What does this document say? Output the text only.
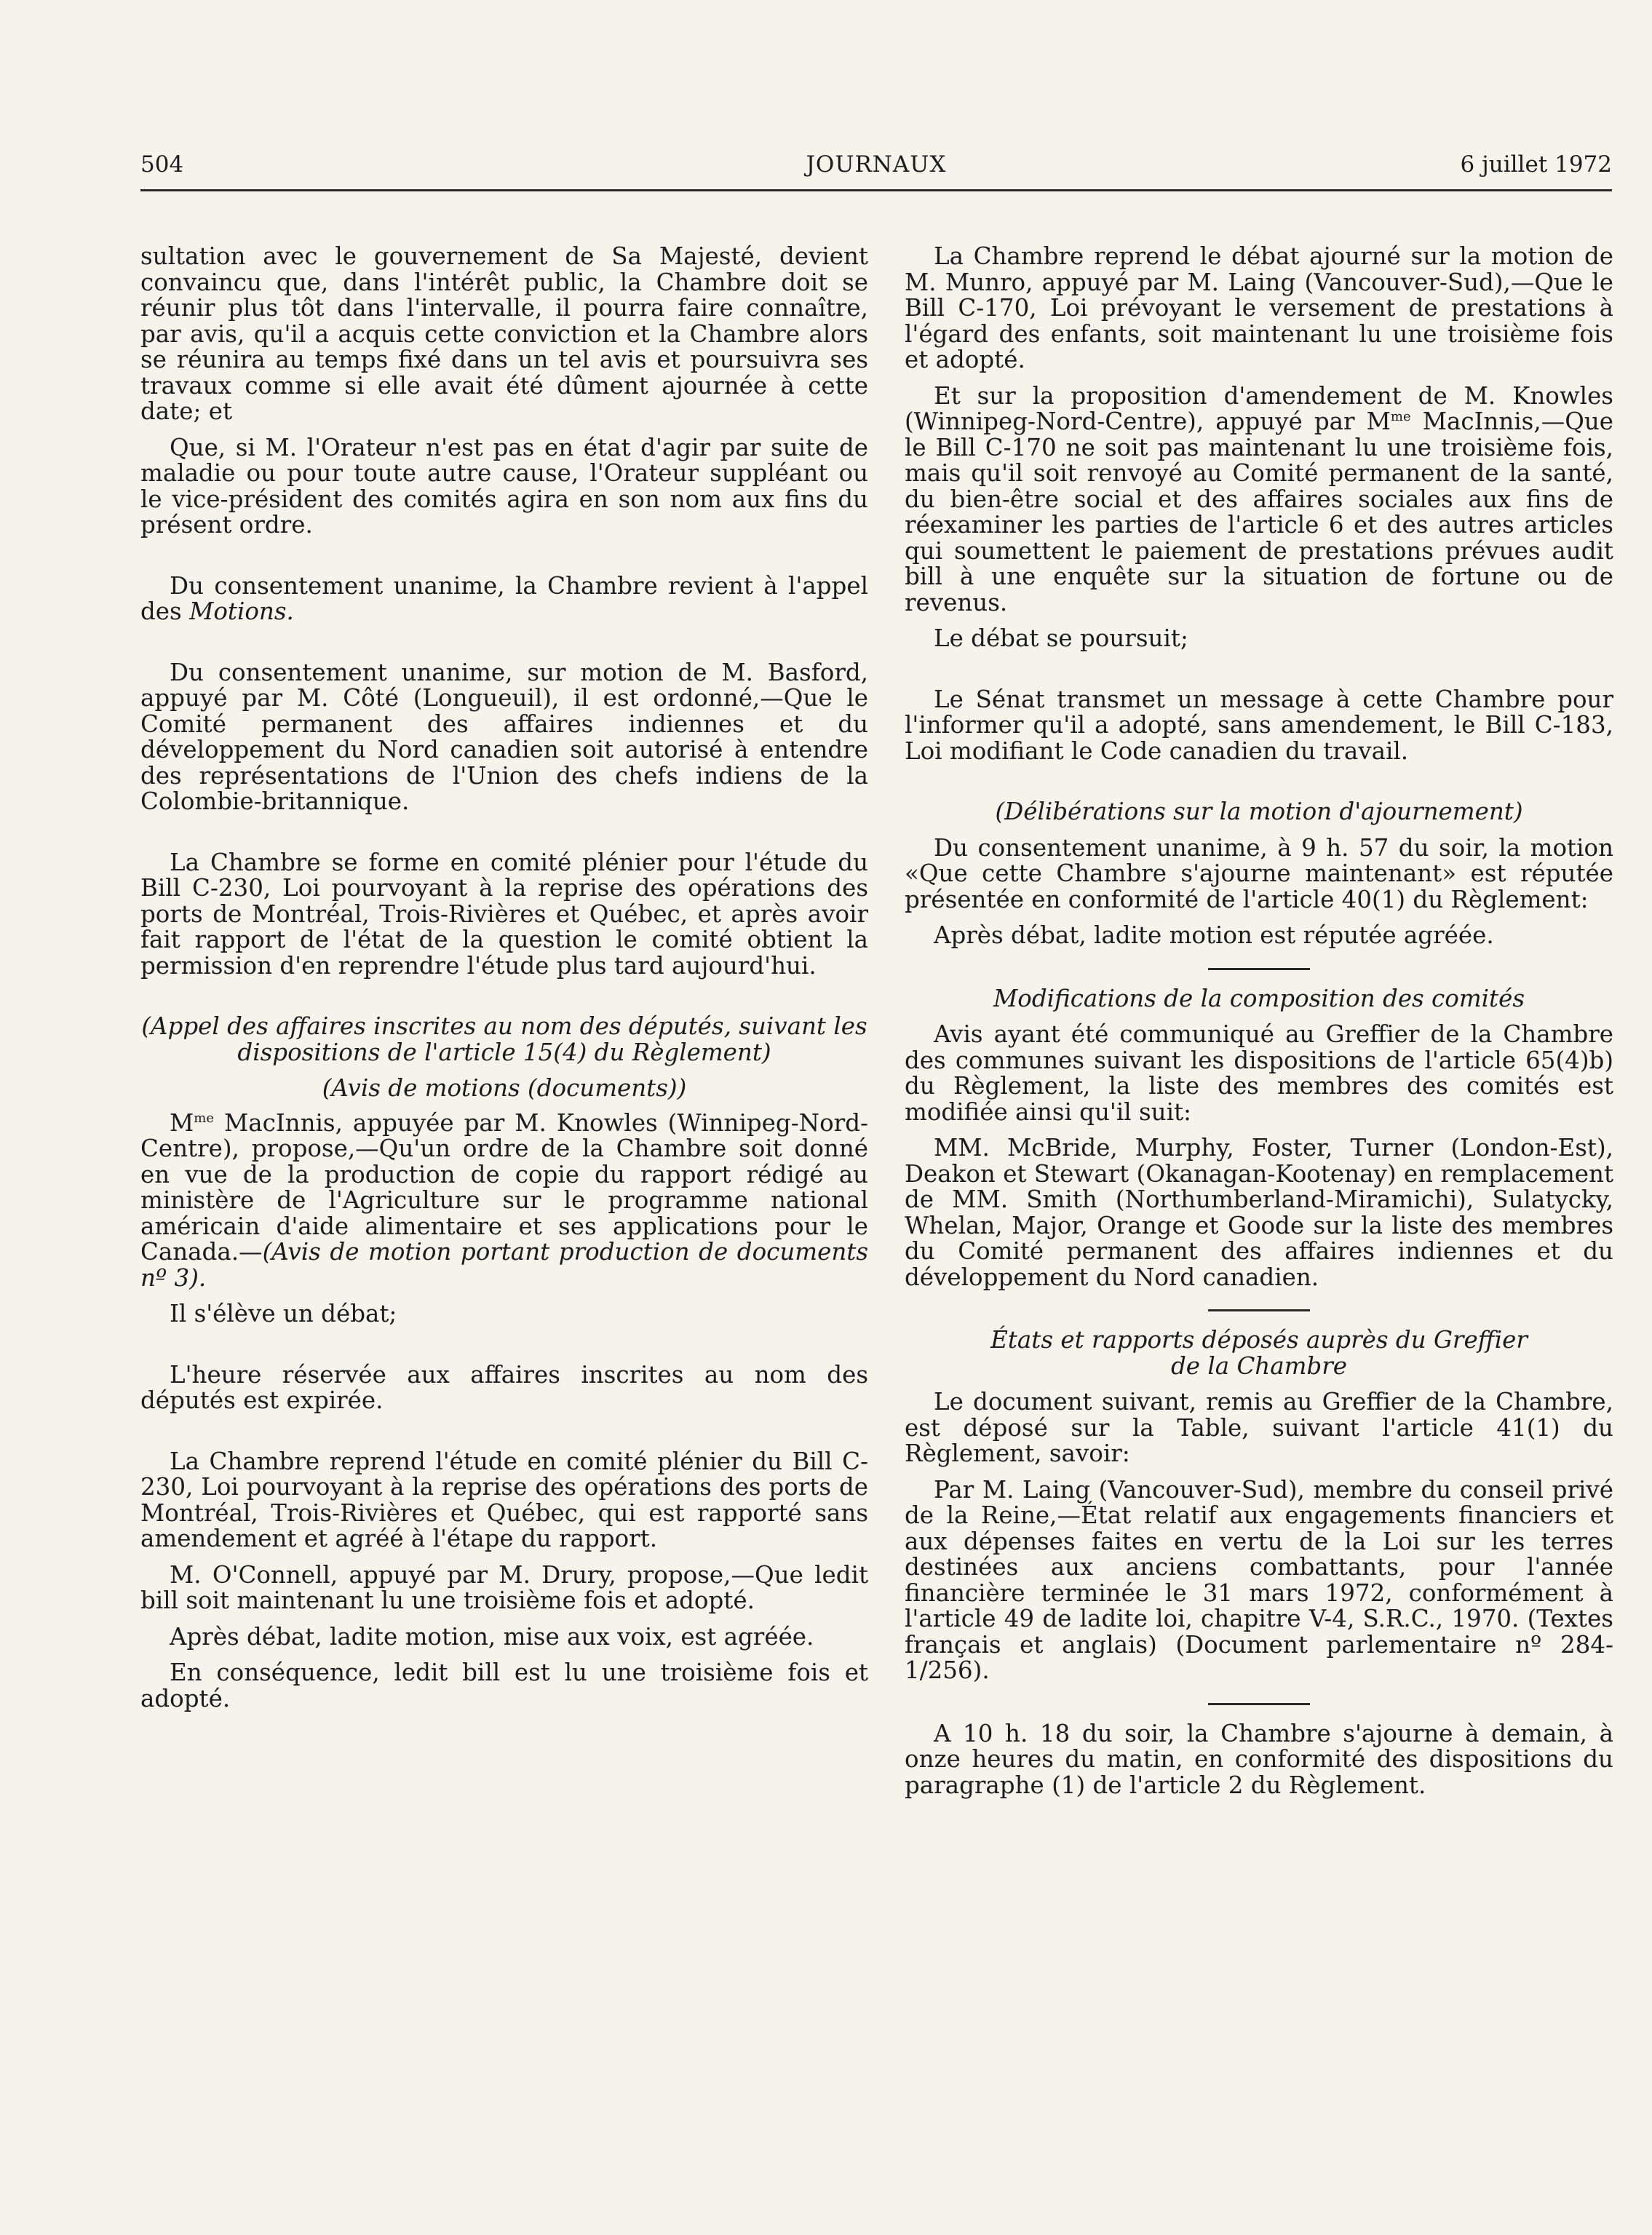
504	JOURNAUX	6 juillet 1972

sultation avec le gouvernement de Sa Majesté, devient convaincu que, dans l'intérêt public, la Chambre doit se réunir plus tôt dans l'intervalle, il pourra faire connaître, par avis, qu'il a acquis cette conviction et la Chambre alors se réunira au temps fixé dans un tel avis et poursuivra ses travaux comme si elle avait été dûment ajournée à cette date; et

Que, si M. l'Orateur n'est pas en état d'agir par suite de maladie ou pour toute autre cause, l'Orateur suppléant ou le vice-président des comités agira en son nom aux fins du présent ordre.

Du consentement unanime, la Chambre revient à l'appel des Motions.

Du consentement unanime, sur motion de M. Basford, appuyé par M. Côté (Longueuil), il est ordonné,—Que le Comité permanent des affaires indiennes et du développement du Nord canadien soit autorisé à entendre des représentations de l'Union des chefs indiens de la Colombie-britannique.

La Chambre se forme en comité plénier pour l'étude du Bill C-230, Loi pourvoyant à la reprise des opérations des ports de Montréal, Trois-Rivières et Québec, et après avoir fait rapport de l'état de la question le comité obtient la permission d'en reprendre l'étude plus tard aujourd'hui.

(Appel des affaires inscrites au nom des députés, suivant les dispositions de l'article 15(4) du Règlement)

(Avis de motions (documents))

$M^{me}$ MacInnis, appuyée par M. Knowles (Winnipeg-Nord-Centre), propose,—Qu'un ordre de la Chambre soit donné en vue de la production de copie du rapport rédigé au ministère de l'Agriculture sur le programme national américain d'aide alimentaire et ses applications pour le Canada.—(Avis de motion portant production de documents nº 3).

Il s'élève un débat;

L'heure réservée aux affaires inscrites au nom des députés est expirée.

La Chambre reprend l'étude en comité plénier du Bill C-230, Loi pourvoyant à la reprise des opérations des ports de Montréal, Trois-Rivières et Québec, qui est rapporté sans amendement et agréé à l'étape du rapport.

M. O'Connell, appuyé par M. Drury, propose,—Que ledit bill soit maintenant lu une troisième fois et adopté.

Après débat, ladite motion, mise aux voix, est agréée.

En conséquence, ledit bill est lu une troisième fois et adopté.

La Chambre reprend le débat ajourné sur la motion de M. Munro, appuyé par M. Laing (Vancouver-Sud),—Que le Bill C-170, Loi prévoyant le versement de prestations à l'égard des enfants, soit maintenant lu une troisième fois et adopté.

Et sur la proposition d'amendement de M. Knowles (Winnipeg-Nord-Centre), appuyé par $M^{me}$ MacInnis,—Que le Bill C-170 ne soit pas maintenant lu une troisième fois, mais qu'il soit renvoyé au Comité permanent de la santé, du bien-être social et des affaires sociales aux fins de réexaminer les parties de l'article 6 et des autres articles qui soumettent le paiement de prestations prévues audit bill à une enquête sur la situation de fortune ou de revenus.

Le débat se poursuit;

Le Sénat transmet un message à cette Chambre pour l'informer qu'il a adopté, sans amendement, le Bill C-183, Loi modifiant le Code canadien du travail.

(Délibérations sur la motion d'ajournement)

Du consentement unanime, à 9 h. 57 du soir, la motion «Que cette Chambre s'ajourne maintenant» est réputée présentée en conformité de l'article 40(1) du Règlement:

Après débat, ladite motion est réputée agréée.

Modifications de la composition des comités

Avis ayant été communiqué au Greffier de la Chambre des communes suivant les dispositions de l'article 65(4)b) du Règlement, la liste des membres des comités est modifiée ainsi qu'il suit:

MM. McBride, Murphy, Foster, Turner (London-Est), Deakon et Stewart (Okanagan-Kootenay) en remplacement de MM. Smith (Northumberland-Miramichi), Sulatycky, Whelan, Major, Orange et Goode sur la liste des membres du Comité permanent des affaires indiennes et du développement du Nord canadien.

États et rapports déposés auprès du Greffier

de la Chambre

Le document suivant, remis au Greffier de la Chambre, est déposé sur la Table, suivant l'article 41(1) du Règlement, savoir:

Par M. Laing (Vancouver-Sud), membre du conseil privé de la Reine,—État relatif aux engagements financiers et aux dépenses faites en vertu de la Loi sur les terres destinées aux anciens combattants, pour l'année financière terminée le 31 mars 1972, conformément à l'article 49 de ladite loi, chapitre V-4, S.R.C., 1970. (Textes français et anglais) (Document parlementaire nº 284-1/256).

A 10 h. 18 du soir, la Chambre s'ajourne à demain, à onze heures du matin, en conformité des dispositions du paragraphe (1) de l'article 2 du Règlement.
